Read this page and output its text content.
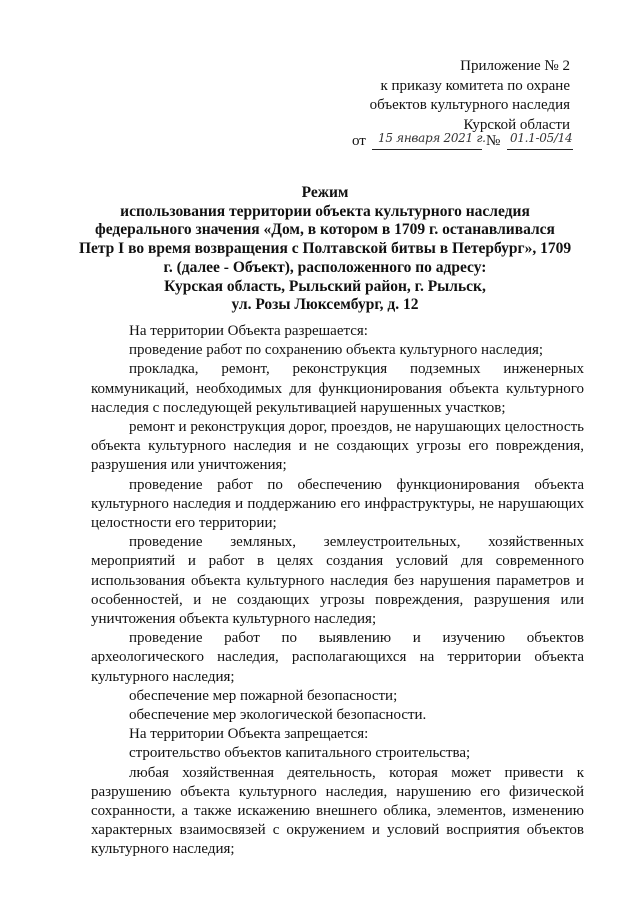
Приложение № 2
к приказу комитета по охране
объектов культурного наследия
Курской области
от 15 января 2021 г. № 01.1-05/14
Режим
использования территории объекта культурного наследия
федерального значения «Дом, в котором в 1709 г. останавливался
Петр I во время возвращения с Полтавской битвы в Петербург», 1709
г. (далее - Объект), расположенного по адресу:
Курская область, Рыльский район, г. Рыльск,
ул. Розы Люксембург, д. 12

На территории Объекта разрешается:

проведение работ по сохранению объекта культурного наследия;

прокладка, ремонт, реконструкция подземных инженерных коммуникаций, необходимых для функционирования объекта культурного наследия с последующей рекультивацией нарушенных участков;

ремонт и реконструкция дорог, проездов, не нарушающих целостность объекта культурного наследия и не создающих угрозы его повреждения, разрушения или уничтожения;

проведение работ по обеспечению функционирования объекта культурного наследия и поддержанию его инфраструктуры, не нарушающих целостности его территории;

проведение земляных, землеустроительных, хозяйственных мероприятий и работ в целях создания условий для современного использования объекта культурного наследия без нарушения параметров и особенностей, и не создающих угрозы повреждения, разрушения или уничтожения объекта культурного наследия;

проведение работ по выявлению и изучению объектов археологического наследия, располагающихся на территории объекта культурного наследия;

обеспечение мер пожарной безопасности;

обеспечение мер экологической безопасности.

На территории Объекта запрещается:

строительство объектов капитального строительства;

любая хозяйственная деятельность, которая может привести к разрушению объекта культурного наследия, нарушению его физической сохранности, а также искажению внешнего облика, элементов, изменению характерных взаимосвязей с окружением и условий восприятия объектов культурного наследия;
